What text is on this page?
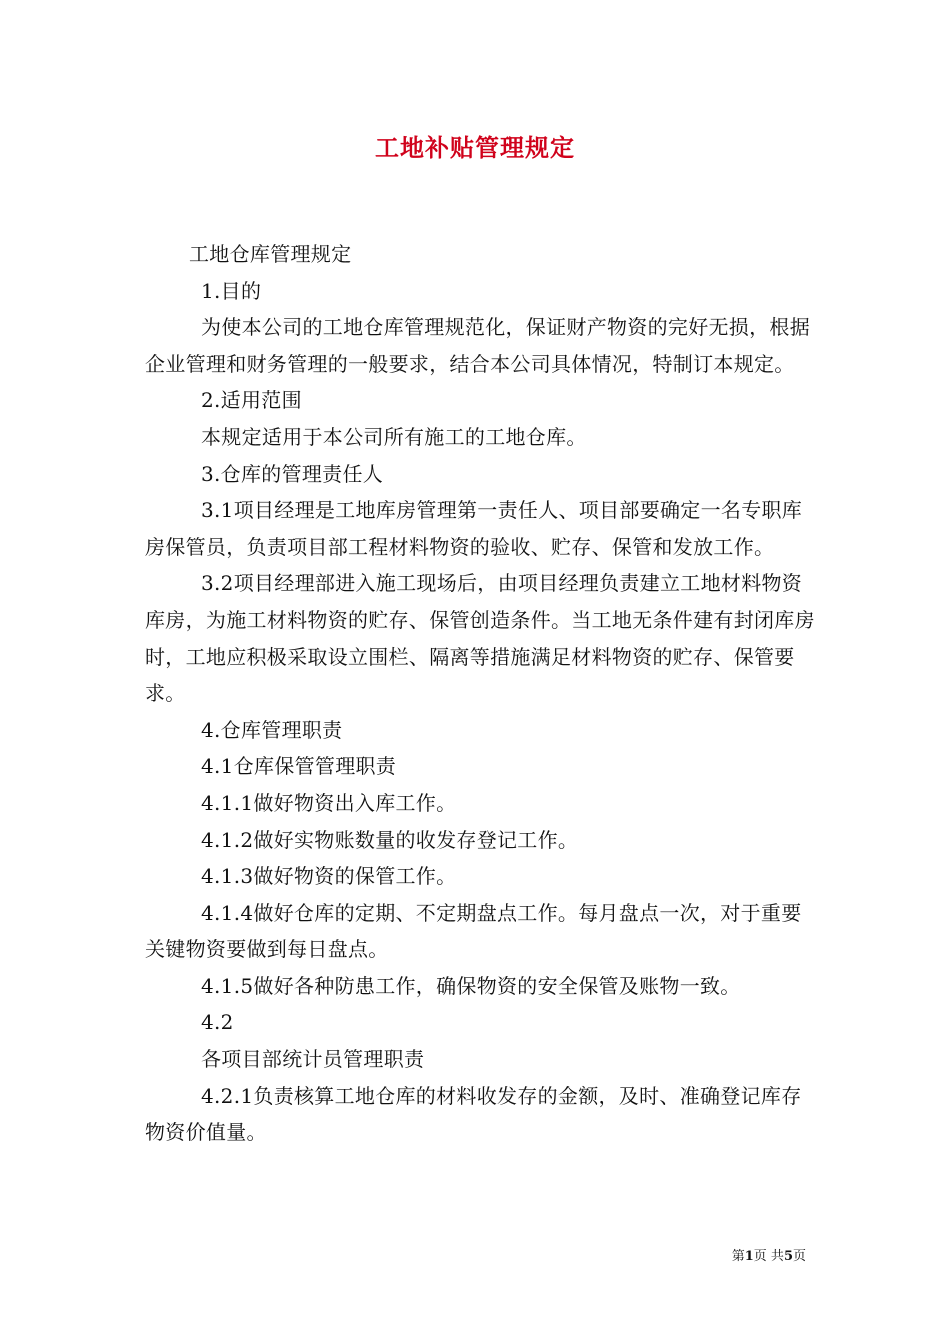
工地补贴管理规定

工地仓库管理规定

1.目的

为使本公司的工地仓库管理规范化，保证财产物资的完好无损，根据企业管理和财务管理的一般要求，结合本公司具体情况，特制订本规定。

2.适用范围

本规定适用于本公司所有施工的工地仓库。

3.仓库的管理责任人

3.1项目经理是工地库房管理第一责任人、项目部要确定一名专职库房保管员，负责项目部工程材料物资的验收、贮存、保管和发放工作。

3.2项目经理部进入施工现场后，由项目经理负责建立工地材料物资库房，为施工材料物资的贮存、保管创造条件。当工地无条件建有封闭库房时，工地应积极采取设立围栏、隔离等措施满足材料物资的贮存、保管要求。

4.仓库管理职责

4.1仓库保管管理职责

4.1.1做好物资出入库工作。

4.1.2做好实物账数量的收发存登记工作。

4.1.3做好物资的保管工作。

4.1.4做好仓库的定期、不定期盘点工作。每月盘点一次，对于重要关键物资要做到每日盘点。

4.1.5做好各种防患工作，确保物资的安全保管及账物一致。

4.2

各项目部统计员管理职责

4.2.1负责核算工地仓库的材料收发存的金额，及时、准确登记库存物资价值量。

第1页 共5页
